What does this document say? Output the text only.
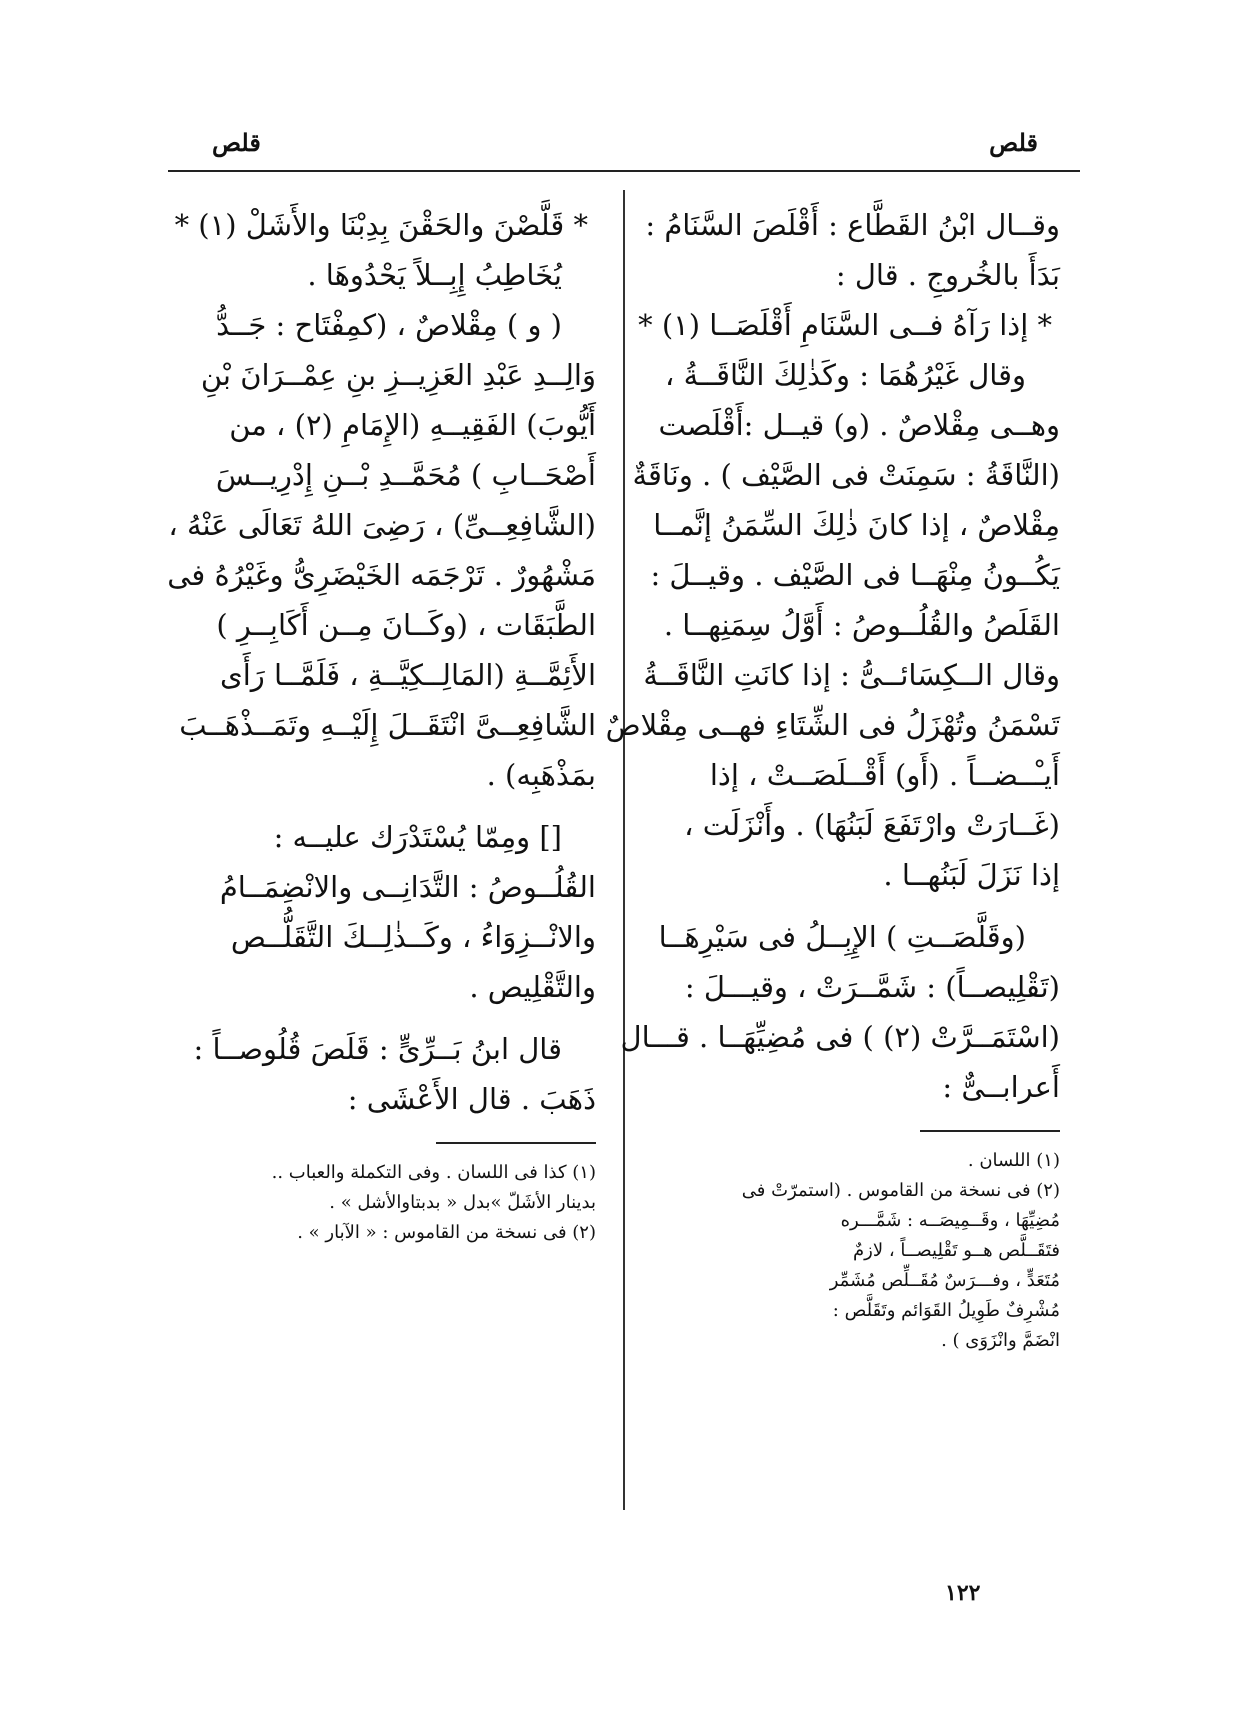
قلص
قلص
وقــال ابْنُ القَطَّاع : أَقْلَصَ السَّنَامُ :
بَدَأَ بالخُروجِ . قال :
* إذا رَآهُ فــى السَّنَامِ أَقْلَصَــا (١) *
وقال غَيْرُهُمَا : وكَذٰلِكَ النَّاقَــةُ ،
وهــى مِقْلاصٌ . (و) قيــل :أَقْلَصت
(النَّاقَةُ : سَمِنَتْ فى الصَّيْف ) . ونَاقَةٌ
مِقْلاصٌ ، إذا كانَ ذٰلِكَ السِّمَنُ إنَّمــا
يَكُــونُ مِنْهَــا فى الصَّيْف . وقيــلَ :
القَلَصُ والقُلُــوصُ : أَوَّلُ سِمَنِهــا .
وقال الــكِسَائــىُّ : إذا كانَتِ النَّاقَــةُ
تَسْمَنُ وتُهْزَلُ فى الشِّتَاءِ فهــى مِقْلاصٌ
أَيـْــضــاً . (أَو) أَقْــلَصَــتْ ، إذا
(غَــارَتْ وارْتَفَعَ لَبَنُهَا) . وأَنْزَلَت ،
إذا نَزَلَ لَبَنُهــا .
(وقَلَّصَــتِ ) الإِبِــلُ فى سَيْرِهَــا
(تَقْلِيصــاً) : شَمَّــرَتْ ، وقيـــلَ :
(اسْتَمَــرَّتْ (٢) ) فى مُضِيِّهَــا . قـــال
أَعرابــىٌّ :
(١) اللسان .
(٢) فى نسخة من القاموس . (استمرّتْ فى
مُضِيِّهَا ، وقَــمِيصَــه : شَمَّـــره
فتَقَــلَّص هــو تَقْلِيصــاً ، لازمٌ
مُتَعَدٍّ ، وفـــرَسٌ مُقَــلِّص مُشَمِّر
مُشْرِفٌ طَوِيلُ القَوَائم وتَقَلَّص :
انْضَمَّ وانْزَوَى ) .
* قَلَّصْنَ والحَقْنَ بِدِبْنَا والأَشَلْ (١) *
يُخَاطِبُ إِبِــلاً يَحْدُوهَا .
( و ) مِقْلاصٌ ، (كمِفْتَاح : جَــدُّ
وَالِــدِ عَبْدِ العَزِيــزِ بنِ عِمْــرَانَ بْنِ
أَيُّوبَ) الفَقِيــهِ (الإِمَامِ (٢) ، من
أَصْحَــابِ ) مُحَمَّــدِ بْــنِ إِدْرِيــسَ
(الشَّافِعِــىِّ) ، رَضِىَ اللهُ تَعَالَى عَنْهُ ،
مَشْهُورٌ . تَرْجَمَه الخَيْضَرِىُّ وغَيْرُهُ فى
الطَّبَقَات ، (وكَــانَ مِــن أَكَابِــرِ )
الأَئِمَّــةِ (المَالِــكِيَّــةِ ، فَلَمَّــا رَأَى
الشَّافِعِــىَّ انْتَقَــلَ إِلَيْــهِ وتَمَــذْهَــبَ
بمَذْهَبِه) .
[] ومِمّا يُسْتَدْرَك عليــه :
القُلُــوصُ : التَّدَانِــى والانْضِمَــامُ
والانْــزِوَاءُ ، وكَــذٰلِــكَ التَّقَلُّــص
والتَّقْلِيص .
قال ابنُ بَــرِّىٍّ : قَلَصَ قُلُوصــاً :
ذَهَبَ . قال الأَعْشَى :
(١) كذا فى اللسان . وفى التكملة والعباب ..
بدينار الأشَلّ »بدل « بدبتاوالأشل » .
(٢) فى نسخة من القاموس : « الآبار » .
١٢٢
